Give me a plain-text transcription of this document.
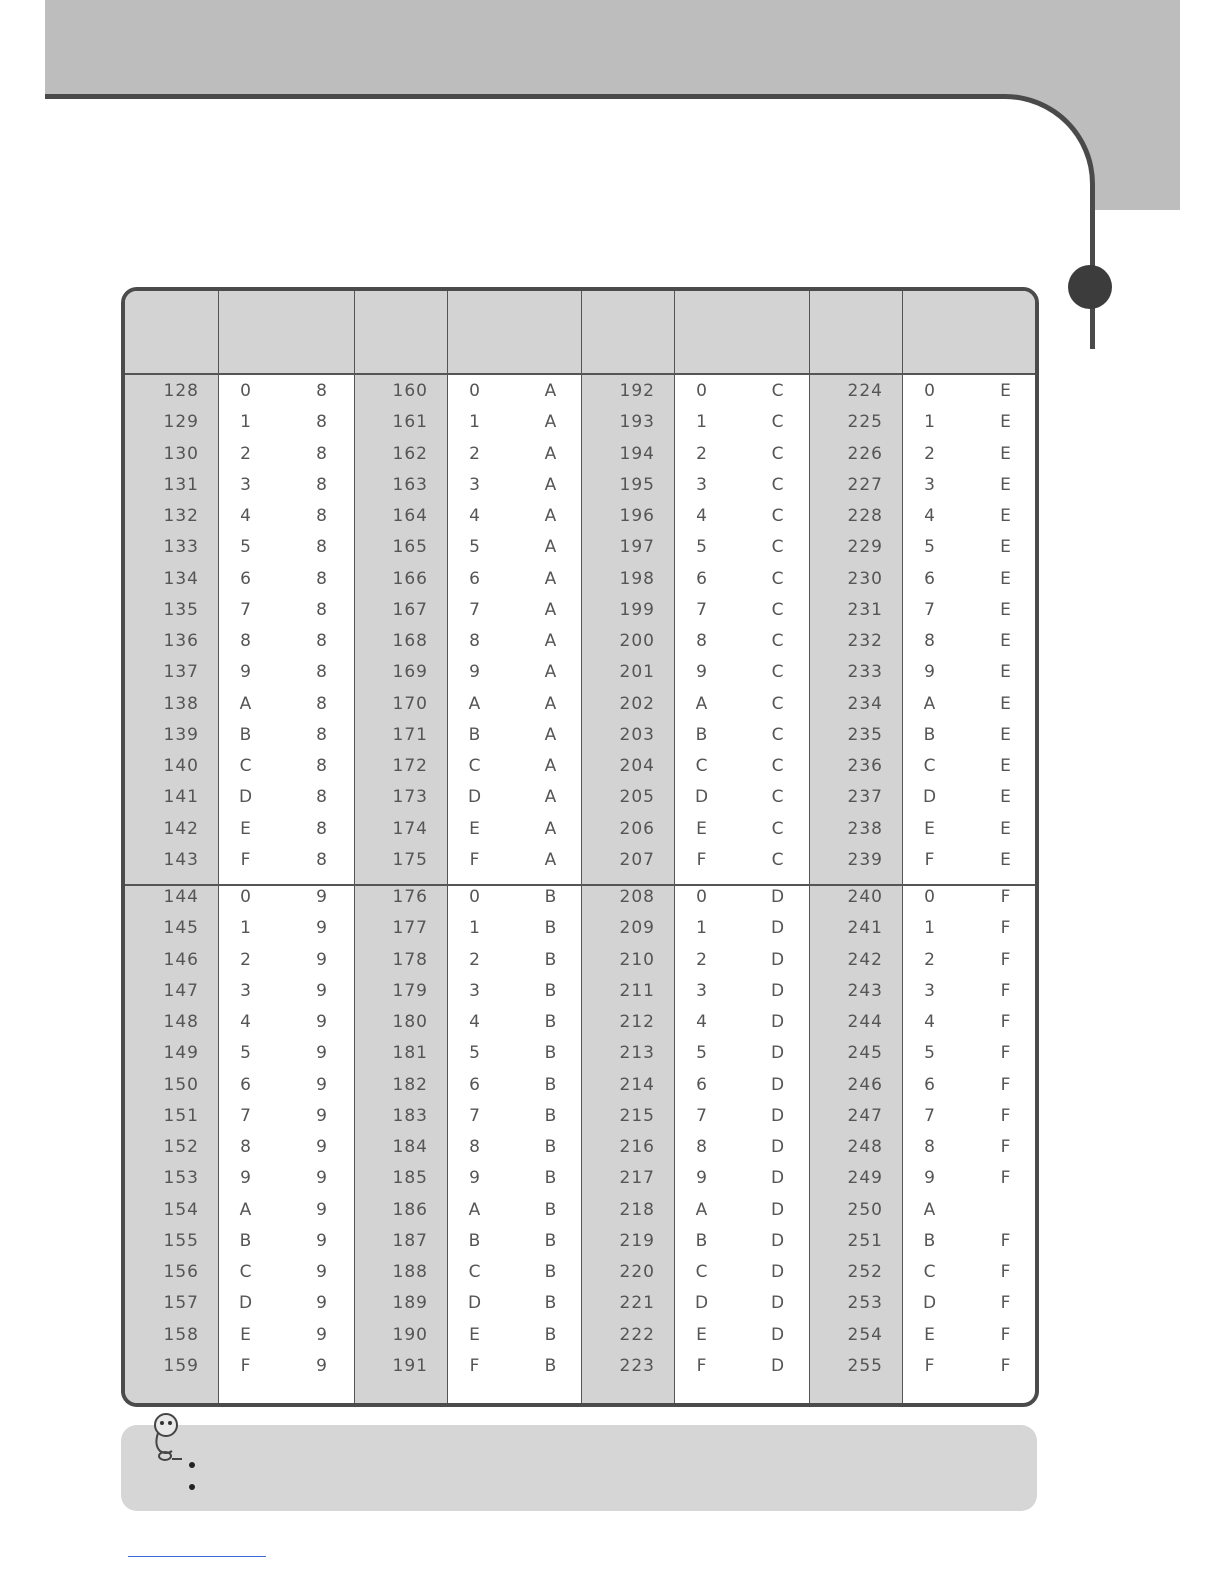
128	0	8
129	1	8
130	2	8
131	3	8
132	4	8
133	5	8
134	6	8
135	7	8
136	8	8
137	9	8
138	A	8
139	B	8
140	C	8
141 D	8
142	E	8
143	F	8
144	0	9
145	1	9
146	2	9
147	3	9
148	4	9
149	5	9
150	6	9
151	7	9
152	8	9
153	9	9
154	A	9
155	B	9
156	C	9
157 D	9
158	E	9
159	F	9
160	0	A
161	1	A
162	2	A
163	3	A
164	4	A
165	5	A
166	6	A
167	7	A
168	8	A
169	9	A
170	A	A
171	B	A
172	C	A
173 D	A
174	E	A
175	F	A
176	0	B
177	1	B
178	2	B
179	3	B
180	4	B
181	5	B
182	6	B
183	7	B
184	8	B
185	9	B
186	A	B
187	B	B
188	C	B
189 D	B
190	E	B
191	F	B
192	0	C
193	1	C
194	2	C
195	3	C
196	4	C
197	5	C
198	6	C
199	7	C
200	8	C
201	9	C
202	A	C
203	B	C
204	C	C
205 D	C
206	E	C
207	F	C
208	0	D
209	1	D
210	2	D
211	3	D
212	4	D
213	5	D
214	6	D
215	7	D
216	8	D
217	9	D
218	A	D
219	B	D
220	C	D
221 D	D
222	E	D
223	F	D
224	0	E
225	1	E
226	2	E
227	3	E
228	4	E
229	5	E
230	6	E
231	7	E
232	8	E
233	9	E
234	A	E
235	B	E
236	C	E
237 D	E
238	E	E
239	F	E
240	0	F
241	1	F
242	2	F
243	3	F
244	4	F
245	5	F
246	6	F
247	7	F
248	8	F
249	9	F
250	A
251	B	F
252	C	F
253 D	F
254	E	F
255	F	F
